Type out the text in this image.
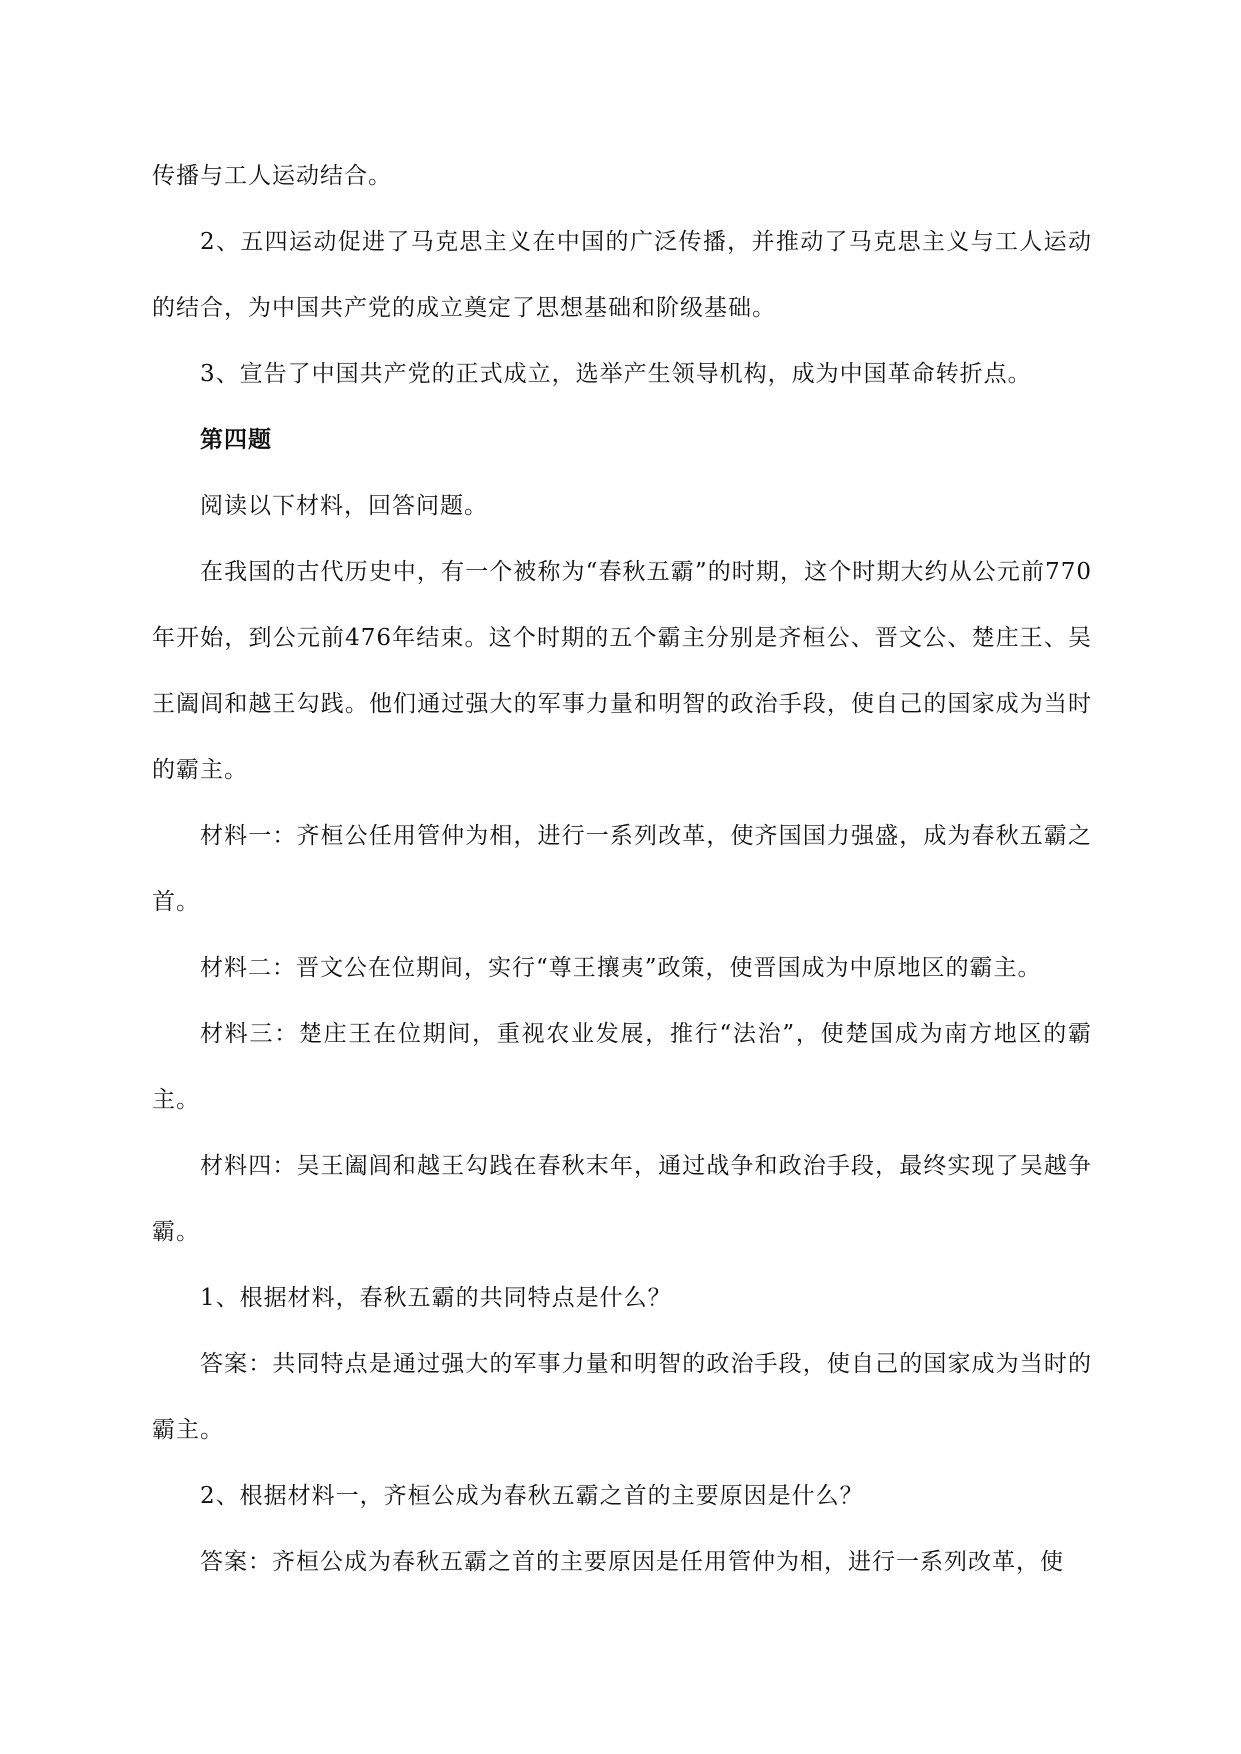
传播与工人运动结合。

2、五四运动促进了马克思主义在中国的广泛传播，并推动了马克思主义与工人运动的结合，为中国共产党的成立奠定了思想基础和阶级基础。

3、宣告了中国共产党的正式成立，选举产生领导机构，成为中国革命转折点。

第四题

阅读以下材料，回答问题。

在我国的古代历史中，有一个被称为“春秋五霸”的时期，这个时期大约从公元前770年开始，到公元前476年结束。这个时期的五个霸主分别是齐桓公、晋文公、楚庄王、吴王阖闾和越王勾践。他们通过强大的军事力量和明智的政治手段，使自己的国家成为当时的霸主。

材料一：齐桓公任用管仲为相，进行一系列改革，使齐国国力强盛，成为春秋五霸之首。

材料二：晋文公在位期间，实行“尊王攘夷”政策，使晋国成为中原地区的霸主。

材料三：楚庄王在位期间，重视农业发展，推行“法治”，使楚国成为南方地区的霸主。

材料四：吴王阖闾和越王勾践在春秋末年，通过战争和政治手段，最终实现了吴越争霸。

1、根据材料，春秋五霸的共同特点是什么？

答案：共同特点是通过强大的军事力量和明智的政治手段，使自己的国家成为当时的霸主。

2、根据材料一，齐桓公成为春秋五霸之首的主要原因是什么？

答案：齐桓公成为春秋五霸之首的主要原因是任用管仲为相，进行一系列改革，使
